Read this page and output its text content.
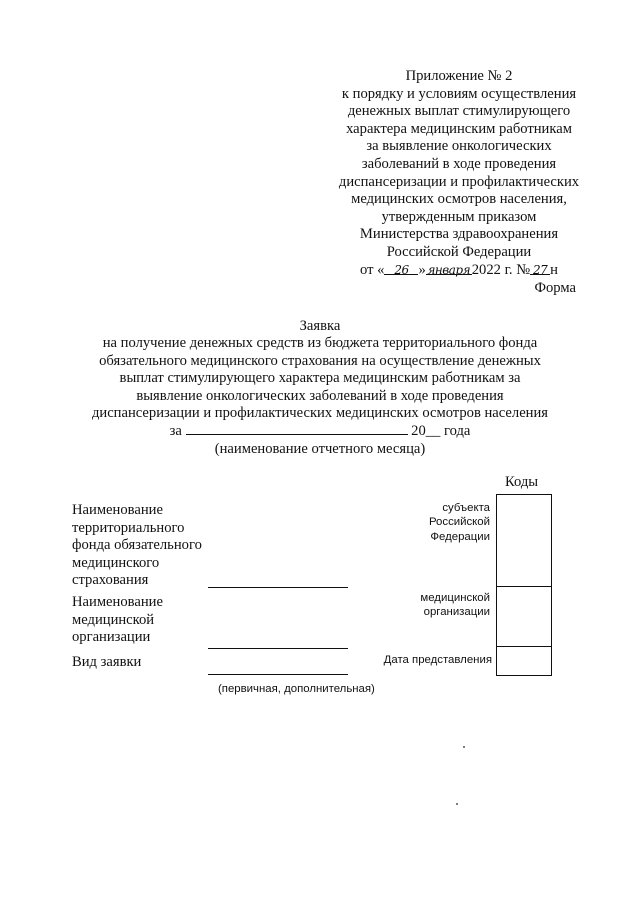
Приложение № 2
к порядку и условиям осуществления
денежных выплат стимулирующего
характера медицинским работникам
за выявление онкологических
заболеваний в ходе проведения
диспансеризации и профилактических
медицинских осмотров населения,
утвержденным приказом
Министерства здравоохранения
Российской Федерации
от « 26 » января 2022 г. № 27 н
Форма
Заявка
на получение денежных средств из бюджета территориального фонда
обязательного медицинского страхования на осуществление денежных
выплат стимулирующего характера медицинским работникам за
выявление онкологических заболеваний в ходе проведения
диспансеризации и профилактических медицинских осмотров населения
за	20__ года
(наименование отчетного месяца)
Коды
субъекта Российской Федерации
медицинской организации
Дата представления
Наименование территориального фонда обязательного медицинского страхования
Наименование медицинской организации
Вид заявки
(первичная, дополнительная)
